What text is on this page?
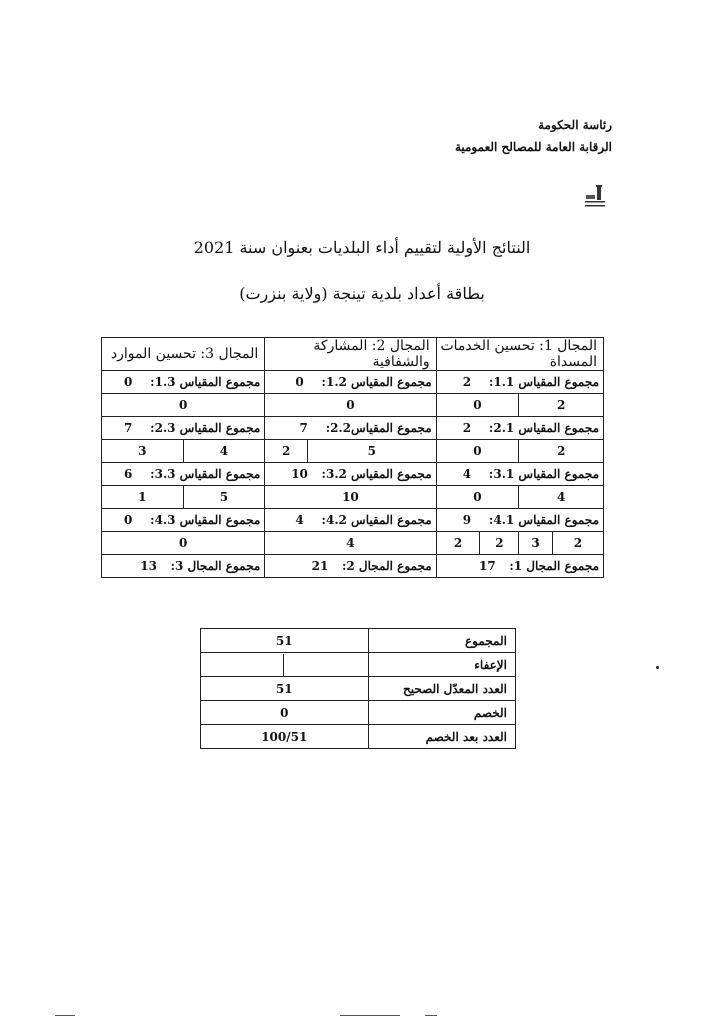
رئاسة الحكومة
الرقابة العامة للمصالح العمومية
النتائج الأولية لتقييم أداء البلديات بعنوان سنة 2021
بطاقة أعداد بلدية تينجة (ولاية بنزرت)
المجال 3: تحسين الموارد		المجال 2: المشاركة والشفافية		المجال 1: تحسين الخدمات المسداة			
مجموع المقياس 1.3:0		مجموع المقياس 1.2:0		مجموع المقياس 1.1:2			
0		0		0		2	
مجموع المقياس 2.3:7		مجموع المقياس2.2:7		مجموع المقياس 2.1:2			
3	4	2	5	0		2	
مجموع المقياس 3.3:6		مجموع المقياس 3.2:10		مجموع المقياس 3.1:4			
1	5	10		0		4	
مجموع المقياس 4.3:0		مجموع المقياس 4.2:4		مجموع المقياس 4.1:9			
0		4		2	2	3	2
مجموع المجال 3:13		مجموع المجال 2:21		مجموع المجال 1:17			
51	المجموع

	الإعفاء
51	العدد المعدّل الصحيح
0	الخصم
100/51	العدد بعد الخصم
